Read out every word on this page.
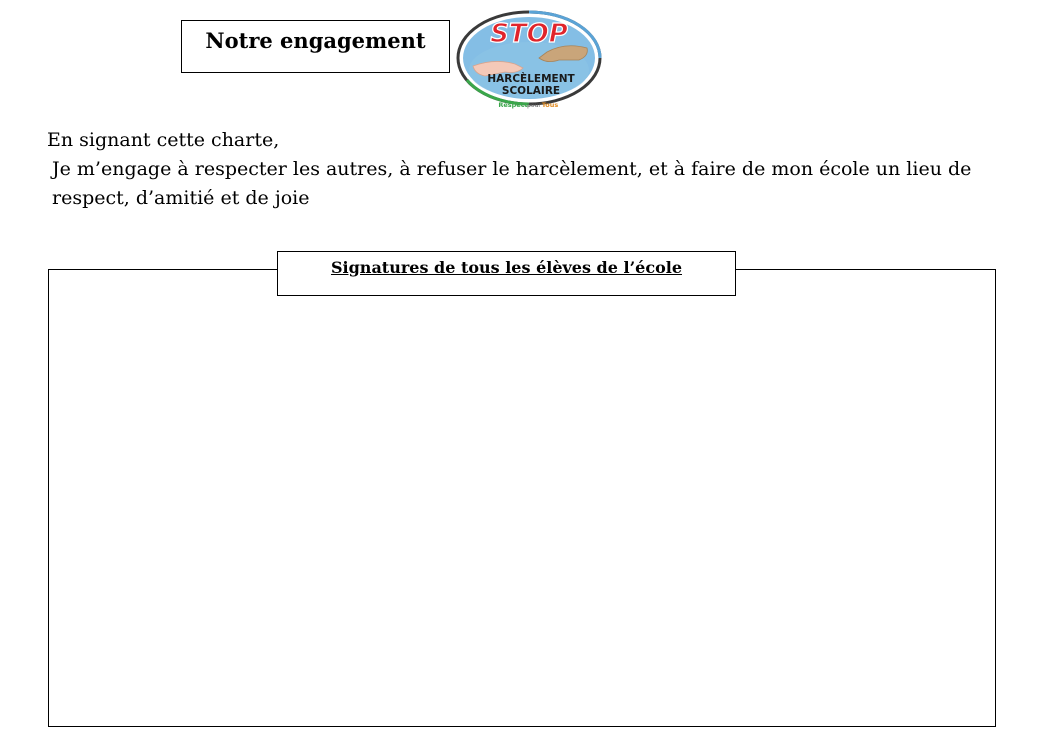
Notre engagement	STOP
HARCÈLEMENT
SCOLAIRE
Respect pour Tous

En signant cette charte,

Je m’engage à respecter les autres, à refuser le harcèlement, et à faire de mon école un lieu de respect, d’amitié et de joie

Signatures de tous les élèves de l’école
